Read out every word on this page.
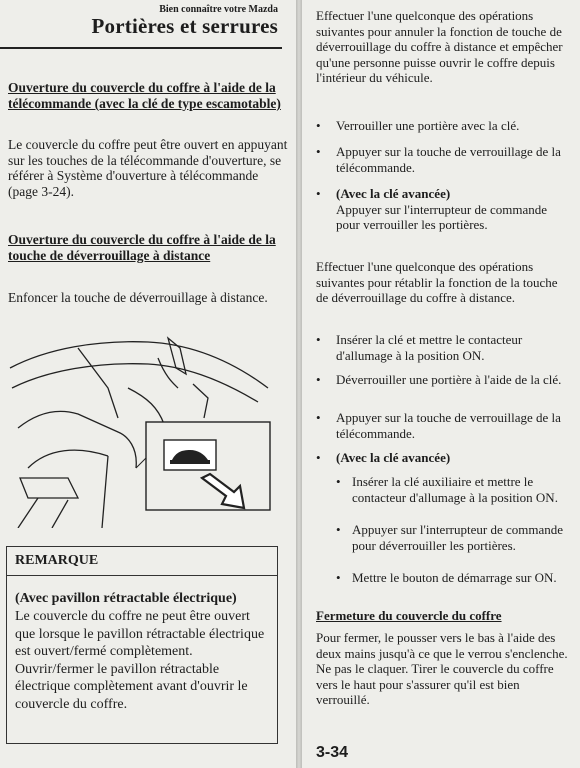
Bien connaître votre Mazda
Portières et serrures
Ouverture du couvercle du coffre à l'aide de la télécommande (avec la clé de type escamotable)
Le couvercle du coffre peut être ouvert en appuyant sur les touches de la télécommande d'ouverture, se référer à Système d'ouverture à télécommande (page 3-24).
Ouverture du couvercle du coffre à l'aide de la touche de déverrouillage à distance
Enfoncer la touche de déverrouillage à distance.
REMARQUE
(Avec pavillon rétractable électrique)
Le couvercle du coffre ne peut être ouvert que lorsque le pavillon rétractable électrique est ouvert/fermé complètement. Ouvrir/fermer le pavillon rétractable électrique complètement avant d'ouvrir le couvercle du coffre.
Effectuer l'une quelconque des opérations suivantes pour annuler la fonction de touche de déverrouillage du coffre à distance et empêcher qu'une personne puisse ouvrir le coffre depuis l'intérieur du véhicule.
• Verrouiller une portière avec la clé.
• Appuyer sur la touche de verrouillage de la télécommande.
• (Avec la clé avancée)
Appuyer sur l'interrupteur de commande pour verrouiller les portières.
Effectuer l'une quelconque des opérations suivantes pour rétablir la fonction de la touche de déverrouillage du coffre à distance.
• Insérer la clé et mettre le contacteur d'allumage à la position ON.
• Déverrouiller une portière à l'aide de la clé.
• Appuyer sur la touche de verrouillage de la télécommande.
• (Avec la clé avancée)
• Insérer la clé auxiliaire et mettre le contacteur d'allumage à la position ON.
• Appuyer sur l'interrupteur de commande pour déverrouiller les portières.
• Mettre le bouton de démarrage sur ON.
Fermeture du couvercle du coffre
Pour fermer, le pousser vers le bas à l'aide des deux mains jusqu'à ce que le verrou s'enclenche. Ne pas le claquer. Tirer le couvercle du coffre vers le haut pour s'assurer qu'il est bien verrouillé.
3-34
